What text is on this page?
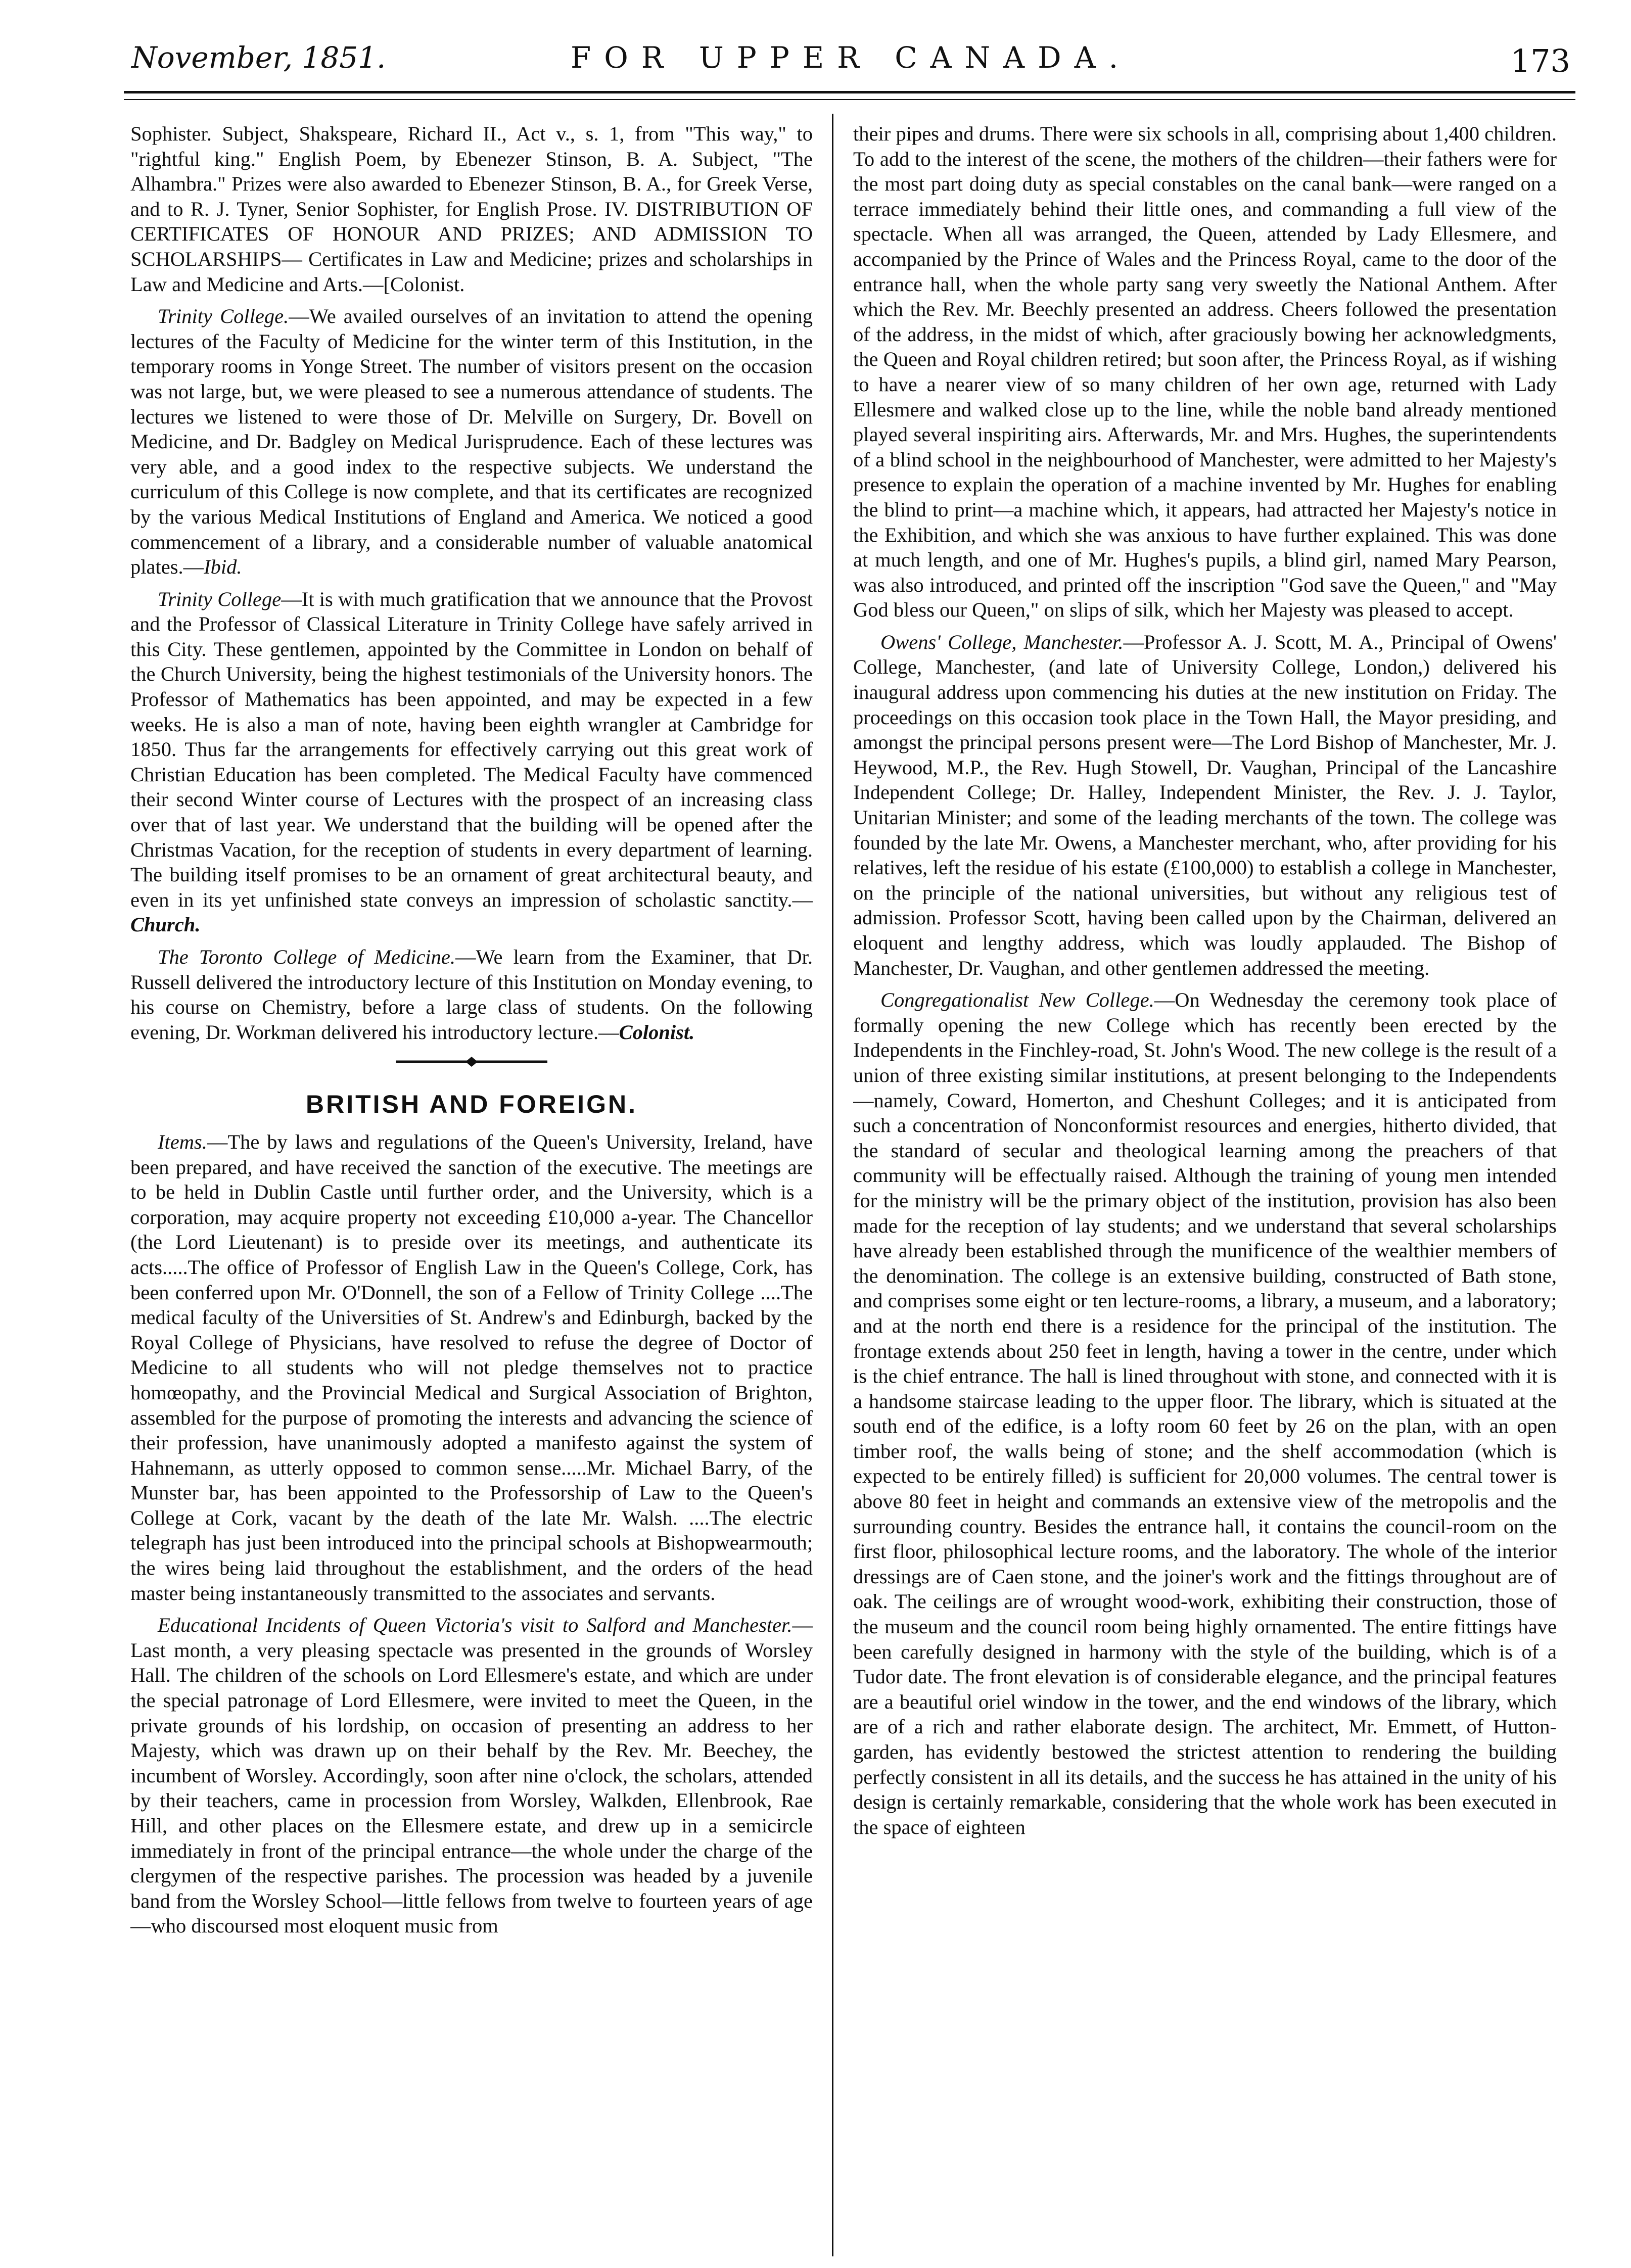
November, 1851.	FOR UPPER CANADA.	173

Sophister. Subject, Shakspeare, Richard II., Act v., s. 1, from "This way," to "rightful king." English Poem, by Ebenezer Stinson, B. A. Subject, "The Alhambra." Prizes were also awarded to Ebenezer Stinson, B. A., for Greek Verse, and to R. J. Tyner, Senior Sophister, for English Prose. IV. DISTRIBUTION OF CERTIFICATES OF HONOUR AND PRIZES; AND ADMISSION TO SCHOLARSHIPS— Certificates in Law and Medicine; prizes and scholarships in Law and Medicine and Arts.—[Colonist.

Trinity College.—We availed ourselves of an invitation to attend the opening lectures of the Faculty of Medicine for the winter term of this Institution, in the temporary rooms in Yonge Street. The number of visitors present on the occasion was not large, but, we were pleased to see a numerous attendance of students. The lectures we listened to were those of Dr. Melville on Surgery, Dr. Bovell on Medicine, and Dr. Badgley on Medical Jurisprudence. Each of these lectures was very able, and a good index to the respective subjects. We understand the curriculum of this College is now complete, and that its certificates are recognized by the various Medical Institutions of England and America. We noticed a good commencement of a library, and a considerable number of valuable anatomical plates.—Ibid.

Trinity College—It is with much gratification that we announce that the Provost and the Professor of Classical Literature in Trinity College have safely arrived in this City. These gentlemen, appointed by the Committee in London on behalf of the Church University, being the highest testimonials of the University honors. The Professor of Mathematics has been appointed, and may be expected in a few weeks. He is also a man of note, having been eighth wrangler at Cambridge for 1850. Thus far the arrangements for effectively carrying out this great work of Christian Education has been completed. The Medical Faculty have commenced their second Winter course of Lectures with the prospect of an increasing class over that of last year. We understand that the building will be opened after the Christmas Vacation, for the reception of students in every department of learning. The building itself promises to be an ornament of great architectural beauty, and even in its yet unfinished state conveys an impression of scholastic sanctity.—Church.

The Toronto College of Medicine.—We learn from the Examiner, that Dr. Russell delivered the introductory lecture of this Institution on Monday evening, to his course on Chemistry, before a large class of students. On the following evening, Dr. Workman delivered his introductory lecture.—Colonist.

BRITISH AND FOREIGN.

Items.—The by laws and regulations of the Queen's University, Ireland, have been prepared, and have received the sanction of the executive. The meetings are to be held in Dublin Castle until further order, and the University, which is a corporation, may acquire property not exceeding £10,000 a-year. The Chancellor (the Lord Lieutenant) is to preside over its meetings, and authenticate its acts.....The office of Professor of English Law in the Queen's College, Cork, has been conferred upon Mr. O'Donnell, the son of a Fellow of Trinity College ....The medical faculty of the Universities of St. Andrew's and Edinburgh, backed by the Royal College of Physicians, have resolved to refuse the degree of Doctor of Medicine to all students who will not pledge themselves not to practice homœopathy, and the Provincial Medical and Surgical Association of Brighton, assembled for the purpose of promoting the interests and advancing the science of their profession, have unanimously adopted a manifesto against the system of Hahnemann, as utterly opposed to common sense.....Mr. Michael Barry, of the Munster bar, has been appointed to the Professorship of Law to the Queen's College at Cork, vacant by the death of the late Mr. Walsh. ....The electric telegraph has just been introduced into the principal schools at Bishopwearmouth; the wires being laid throughout the establishment, and the orders of the head master being instantaneously transmitted to the associates and servants.

Educational Incidents of Queen Victoria's visit to Salford and Manchester.—Last month, a very pleasing spectacle was presented in the grounds of Worsley Hall. The children of the schools on Lord Ellesmere's estate, and which are under the special patronage of Lord Ellesmere, were invited to meet the Queen, in the private grounds of his lordship, on occasion of presenting an address to her Majesty, which was drawn up on their behalf by the Rev. Mr. Beechey, the incumbent of Worsley. Accordingly, soon after nine o'clock, the scholars, attended by their teachers, came in procession from Worsley, Walkden, Ellenbrook, Rae Hill, and other places on the Ellesmere estate, and drew up in a semicircle immediately in front of the principal entrance—the whole under the charge of the clergymen of the respective parishes. The procession was headed by a juvenile band from the Worsley School—little fellows from twelve to fourteen years of age—who discoursed most eloquent music from

their pipes and drums. There were six schools in all, comprising about 1,400 children. To add to the interest of the scene, the mothers of the children—their fathers were for the most part doing duty as special constables on the canal bank—were ranged on a terrace immediately behind their little ones, and commanding a full view of the spectacle. When all was arranged, the Queen, attended by Lady Ellesmere, and accompanied by the Prince of Wales and the Princess Royal, came to the door of the entrance hall, when the whole party sang very sweetly the National Anthem. After which the Rev. Mr. Beechly presented an address. Cheers followed the presentation of the address, in the midst of which, after graciously bowing her acknowledgments, the Queen and Royal children retired; but soon after, the Princess Royal, as if wishing to have a nearer view of so many children of her own age, returned with Lady Ellesmere and walked close up to the line, while the noble band already mentioned played several inspiriting airs. Afterwards, Mr. and Mrs. Hughes, the superintendents of a blind school in the neighbourhood of Manchester, were admitted to her Majesty's presence to explain the operation of a machine invented by Mr. Hughes for enabling the blind to print—a machine which, it appears, had attracted her Majesty's notice in the Exhibition, and which she was anxious to have further explained. This was done at much length, and one of Mr. Hughes's pupils, a blind girl, named Mary Pearson, was also introduced, and printed off the inscription "God save the Queen," and "May God bless our Queen," on slips of silk, which her Majesty was pleased to accept.

Owens' College, Manchester.—Professor A. J. Scott, M. A., Principal of Owens' College, Manchester, (and late of University College, London,) delivered his inaugural address upon commencing his duties at the new institution on Friday. The proceedings on this occasion took place in the Town Hall, the Mayor presiding, and amongst the principal persons present were—The Lord Bishop of Manchester, Mr. J. Heywood, M.P., the Rev. Hugh Stowell, Dr. Vaughan, Principal of the Lancashire Independent College; Dr. Halley, Independent Minister, the Rev. J. J. Taylor, Unitarian Minister; and some of the leading merchants of the town. The college was founded by the late Mr. Owens, a Manchester merchant, who, after providing for his relatives, left the residue of his estate (£100,000) to establish a college in Manchester, on the principle of the national universities, but without any religious test of admission. Professor Scott, having been called upon by the Chairman, delivered an eloquent and lengthy address, which was loudly applauded. The Bishop of Manchester, Dr. Vaughan, and other gentlemen addressed the meeting.

Congregationalist New College.—On Wednesday the ceremony took place of formally opening the new College which has recently been erected by the Independents in the Finchley-road, St. John's Wood. The new college is the result of a union of three existing similar institutions, at present belonging to the Independents—namely, Coward, Homerton, and Cheshunt Colleges; and it is anticipated from such a concentration of Nonconformist resources and energies, hitherto divided, that the standard of secular and theological learning among the preachers of that community will be effectually raised. Although the training of young men intended for the ministry will be the primary object of the institution, provision has also been made for the reception of lay students; and we understand that several scholarships have already been established through the munificence of the wealthier members of the denomination. The college is an extensive building, constructed of Bath stone, and comprises some eight or ten lecture-rooms, a library, a museum, and a laboratory; and at the north end there is a residence for the principal of the institution. The frontage extends about 250 feet in length, having a tower in the centre, under which is the chief entrance. The hall is lined throughout with stone, and connected with it is a handsome staircase leading to the upper floor. The library, which is situated at the south end of the edifice, is a lofty room 60 feet by 26 on the plan, with an open timber roof, the walls being of stone; and the shelf accommodation (which is expected to be entirely filled) is sufficient for 20,000 volumes. The central tower is above 80 feet in height and commands an extensive view of the metropolis and the surrounding country. Besides the entrance hall, it contains the council-room on the first floor, philosophical lecture rooms, and the laboratory. The whole of the interior dressings are of Caen stone, and the joiner's work and the fittings throughout are of oak. The ceilings are of wrought wood-work, exhibiting their construction, those of the museum and the council room being highly ornamented. The entire fittings have been carefully designed in harmony with the style of the building, which is of a Tudor date. The front elevation is of considerable elegance, and the principal features are a beautiful oriel window in the tower, and the end windows of the library, which are of a rich and rather elaborate design. The architect, Mr. Emmett, of Hutton-garden, has evidently bestowed the strictest attention to rendering the building perfectly consistent in all its details, and the success he has attained in the unity of his design is certainly remarkable, considering that the whole work has been executed in the space of eighteen
